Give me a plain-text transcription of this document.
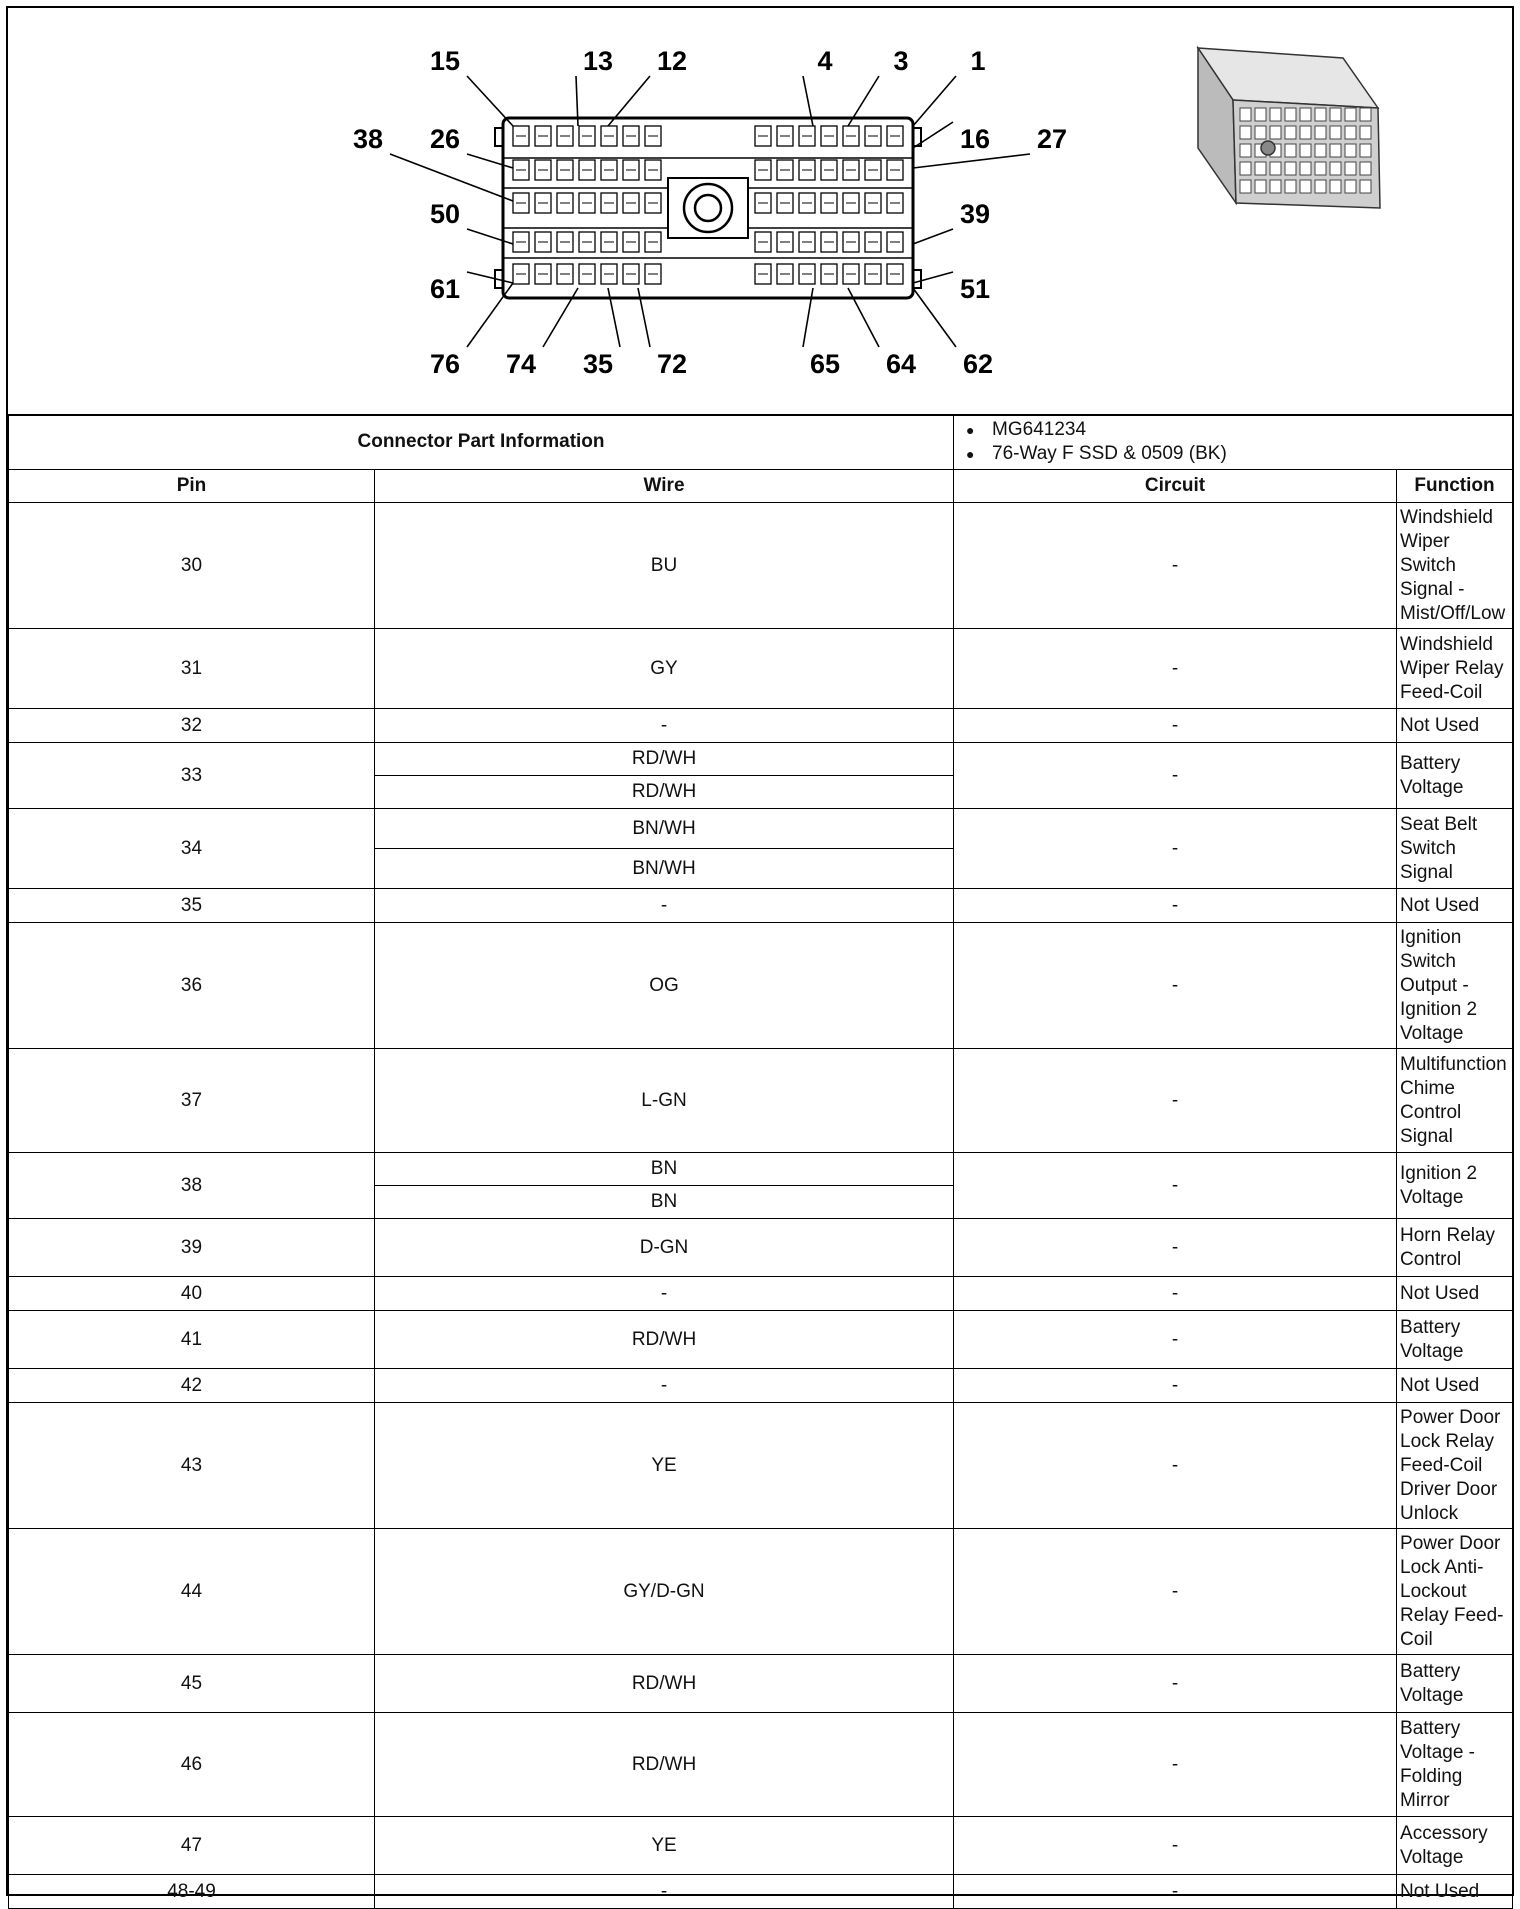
15	13 12	4 3 1
38 26	16 27
50	39
61	51
76 74 35 72	65 64 62
Connector Part Information		● MG641234
● 76-Way F SSD & 0509 (BK)

Pin	Wire	Circuit	Function
30	BU	-	Windshield Wiper Switch Signal - Mist/Off/Low
31	GY	-	Windshield Wiper Relay Feed-Coil
32	-	-	Not Used
33	RD/WH	-	Battery Voltage
	RD/WH		
34	BN/WH	-	Seat Belt Switch Signal
	BN/WH		
35	-	-	Not Used
36	OG	-	Ignition Switch Output - Ignition 2 Voltage
37	L-GN	-	Multifunction Chime Control Signal
38	BN	-	Ignition 2 Voltage
	BN		
39	D-GN	-	Horn Relay Control
40	-	-	Not Used
41	RD/WH	-	Battery Voltage
42	-	-	Not Used
43	YE	-	Power Door Lock Relay Feed-Coil Driver Door Unlock
44	GY/D-GN	-	Power Door Lock Anti-Lockout Relay Feed-Coil
45	RD/WH	-	Battery Voltage
46	RD/WH	-	Battery Voltage - Folding Mirror
47	YE	-	Accessory Voltage
48-49	-	-	Not Used
